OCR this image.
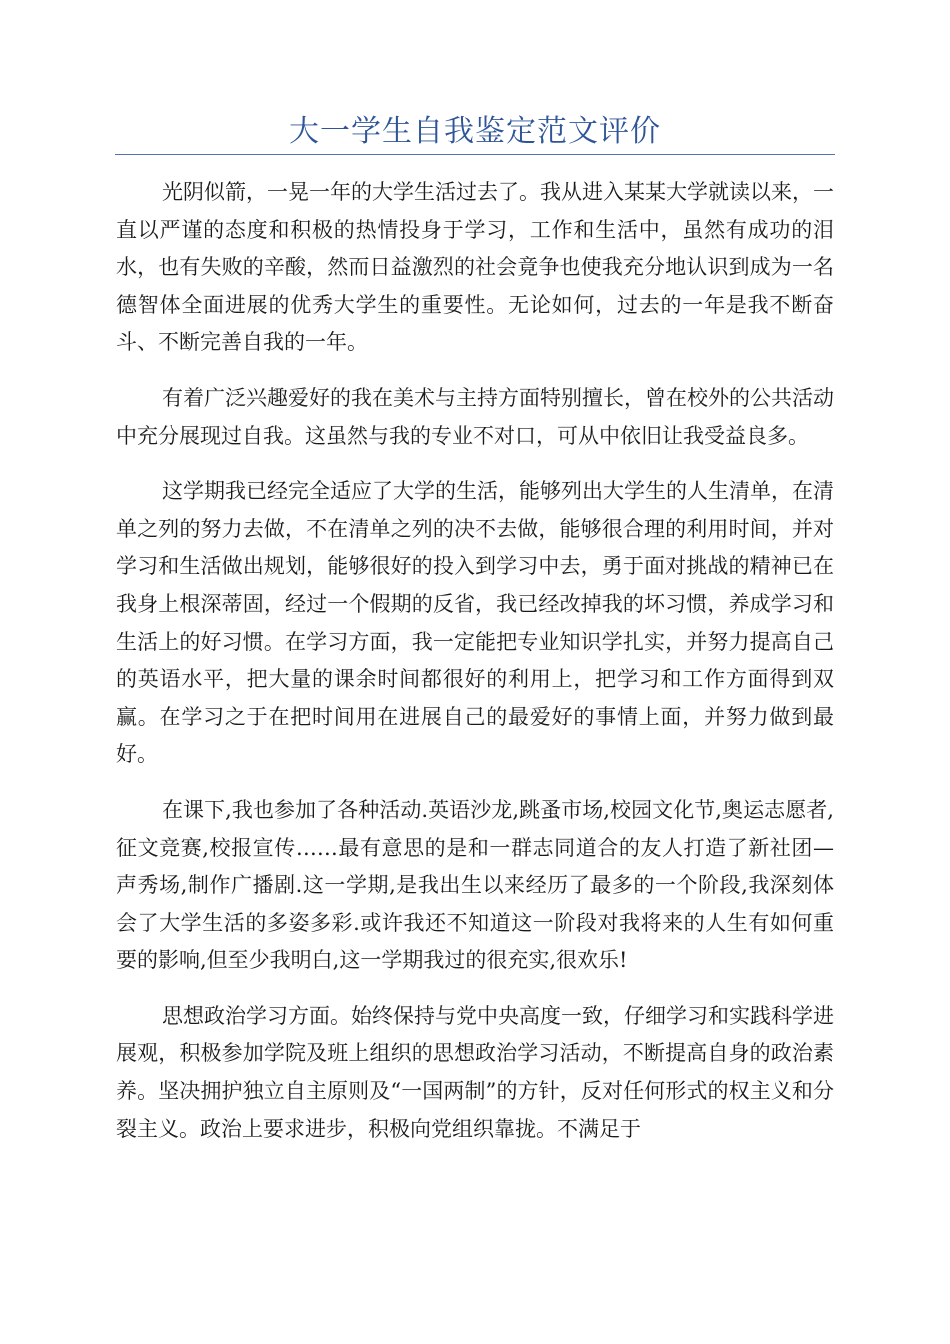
大一学生自我鉴定范文评价

光阴似箭，一晃一年的大学生活过去了。我从进入某某大学就读以来，一直以严谨的态度和积极的热情投身于学习，工作和生活中，虽然有成功的泪水，也有失败的辛酸，然而日益激烈的社会竟争也使我充分地认识到成为一名德智体全面进展的优秀大学生的重要性。无论如何，过去的一年是我不断奋斗、不断完善自我的一年。

有着广泛兴趣爱好的我在美术与主持方面特别擅长，曾在校外的公共活动中充分展现过自我。这虽然与我的专业不对口，可从中依旧让我受益良多。

这学期我已经完全适应了大学的生活，能够列出大学生的人生清单，在清单之列的努力去做，不在清单之列的决不去做，能够很合理的利用时间，并对学习和生活做出规划，能够很好的投入到学习中去，勇于面对挑战的精神已在我身上根深蒂固，经过一个假期的反省，我已经改掉我的坏习惯，养成学习和生活上的好习惯。在学习方面，我一定能把专业知识学扎实，并努力提高自己的英语水平，把大量的课余时间都很好的利用上，把学习和工作方面得到双赢。在学习之于在把时间用在进展自己的最爱好的事情上面，并努力做到最好。

在课下,我也参加了各种活动.英语沙龙,跳蚤市场,校园文化节,奥运志愿者,征文竞赛,校报宣传……最有意思的是和一群志同道合的友人打造了新社团—声秀场,制作广播剧.这一学期,是我出生以来经历了最多的一个阶段,我深刻体会了大学生活的多姿多彩.或许我还不知道这一阶段对我将来的人生有如何重要的影响,但至少我明白,这一学期我过的很充实,很欢乐!

思想政治学习方面。始终保持与党中央高度一致，仔细学习和实践科学进展观，积极参加学院及班上组织的思想政治学习活动，不断提高自身的政治素养。坚决拥护独立自主原则及“一国两制”的方针，反对任何形式的权主义和分裂主义。政治上要求进步，积极向党组织靠拢。不满足于
